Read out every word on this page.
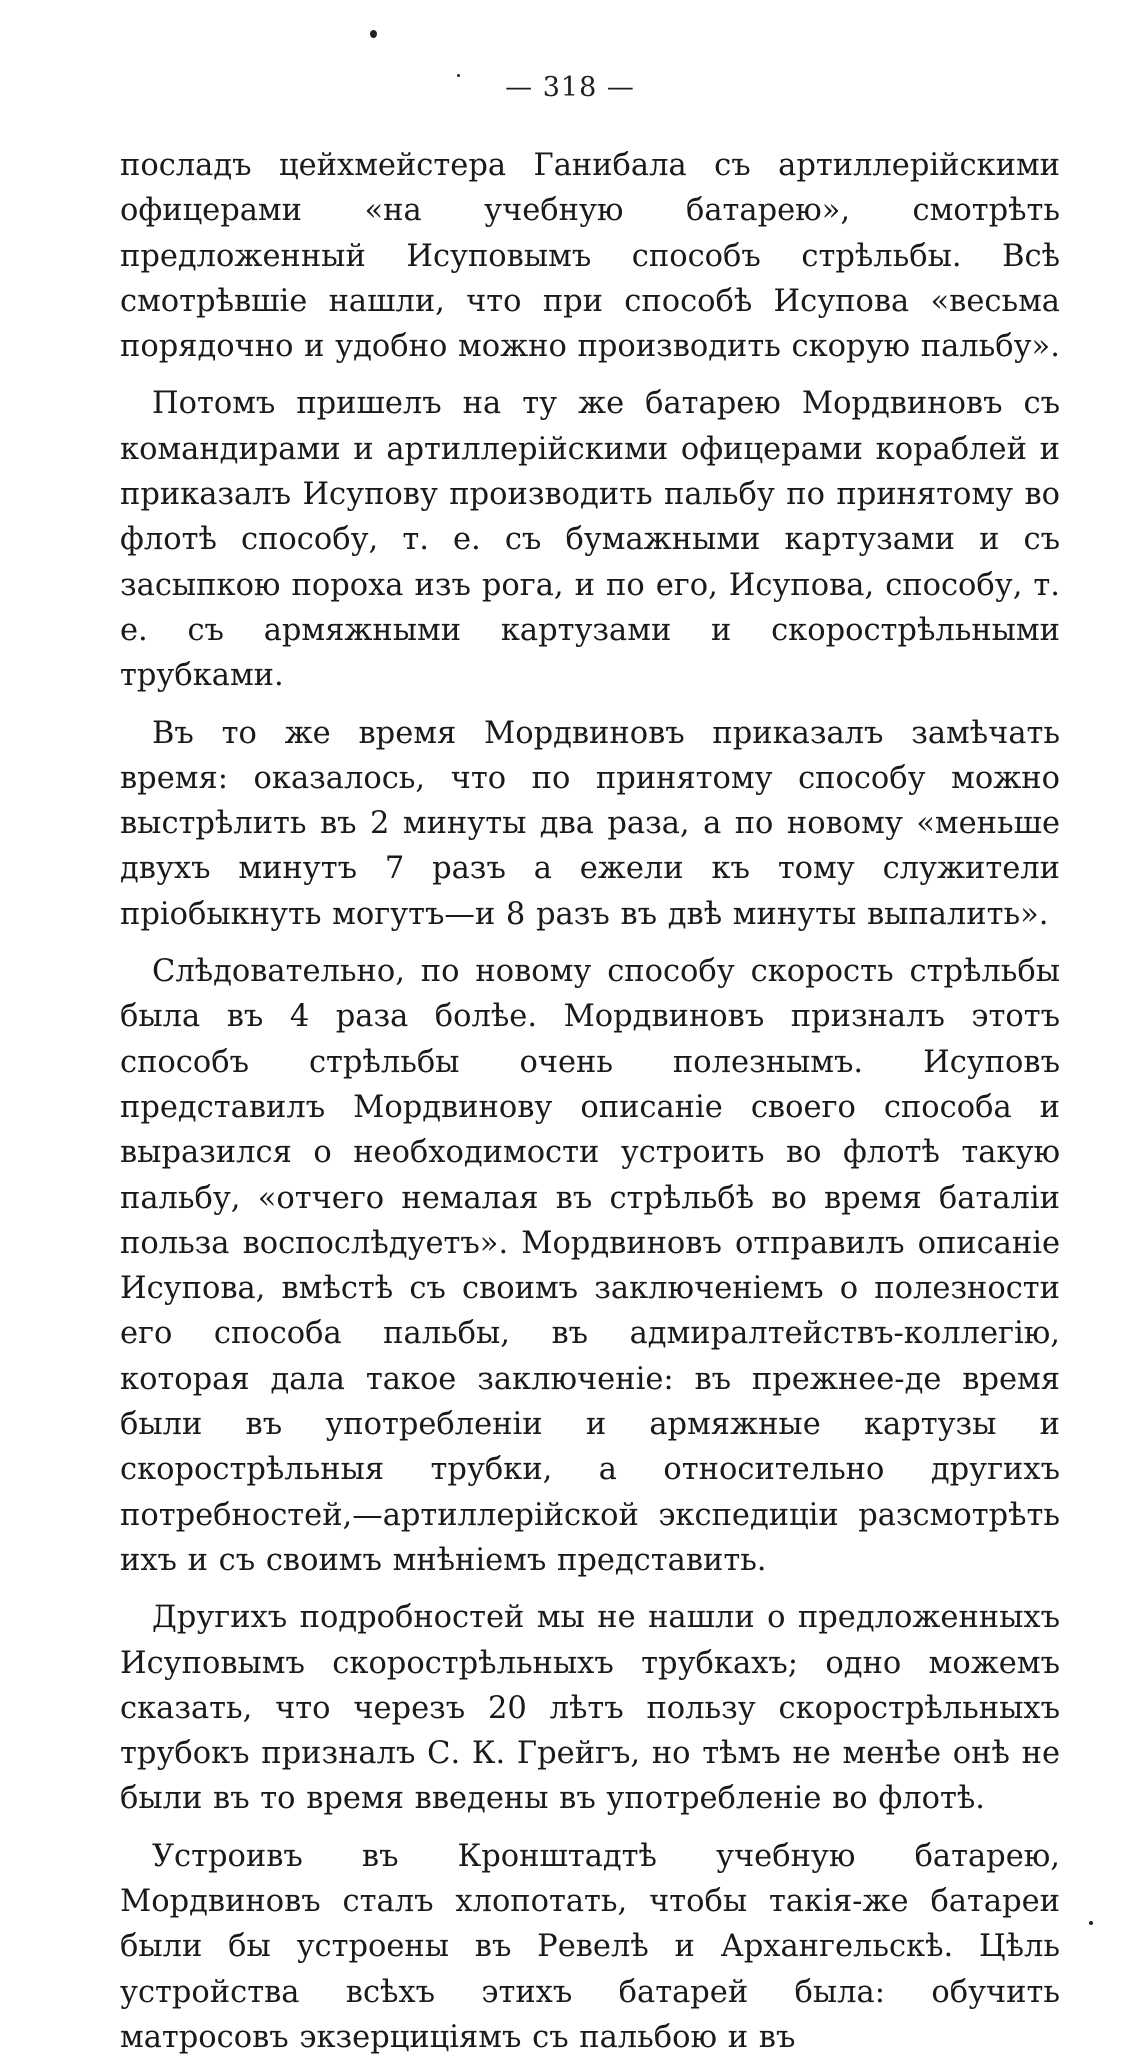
— 318 —

посладъ цейхмейстера Ганибала съ артиллерійскими офицерами «на учебную батарею», смотрѣть предложенный Исуповымъ способъ стрѣльбы. Всѣ смотрѣвшіе нашли, что при способѣ Исупова «весьма порядочно и удобно можно производить скорую пальбу».

Потомъ пришелъ на ту же батарею Мордвиновъ съ командирами и артиллерійскими офицерами кораблей и приказалъ Исупову производить пальбу по принятому во флотѣ способу, т. е. съ бумажными картузами и съ засыпкою пороха изъ рога, и по его, Исупова, способу, т. е. съ армяжными картузами и скорострѣльными трубками.

Въ то же время Мордвиновъ приказалъ замѣчать время: оказалось, что по принятому способу можно выстрѣлить въ 2 минуты два раза, а по новому «меньше двухъ минутъ 7 разъ а ежели къ тому служители пріобыкнуть могутъ—и 8 разъ въ двѣ минуты выпалить».

Слѣдовательно, по новому способу скорость стрѣльбы была въ 4 раза болѣе. Мордвиновъ призналъ этотъ способъ стрѣльбы очень полезнымъ. Исуповъ представилъ Мордвинову описаніе своего способа и выразился о необходимости устроить во флотѣ такую пальбу, «отчего немалая въ стрѣльбѣ во время баталіи польза воспослѣдуетъ». Мордвиновъ отправилъ описаніе Исупова, вмѣстѣ съ своимъ заключеніемъ о полезности его способа пальбы, въ адмиралтействъ-коллегію, которая дала такое заключеніе: въ прежнее-де время были въ употребленіи и армяжные картузы и скорострѣльныя трубки, а относительно другихъ потребностей,—артиллерійской экспедиціи разсмотрѣть ихъ и съ своимъ мнѣніемъ представить.

Другихъ подробностей мы не нашли о предложенныхъ Исуповымъ скорострѣльныхъ трубкахъ; одно можемъ сказать, что черезъ 20 лѣтъ пользу скорострѣльныхъ трубокъ призналъ С. К. Грейгъ, но тѣмъ не менѣе онѣ не были въ то время введены въ употребленіе во флотѣ.

Устроивъ въ Кронштадтѣ учебную батарею, Мордвиновъ сталъ хлопотать, чтобы такія-же батареи были бы устроены въ Ревелѣ и Архангельскѣ. Цѣль устройства всѣхъ этихъ батарей была: обучить матросовъ экзерциціямъ съ пальбою и въ
